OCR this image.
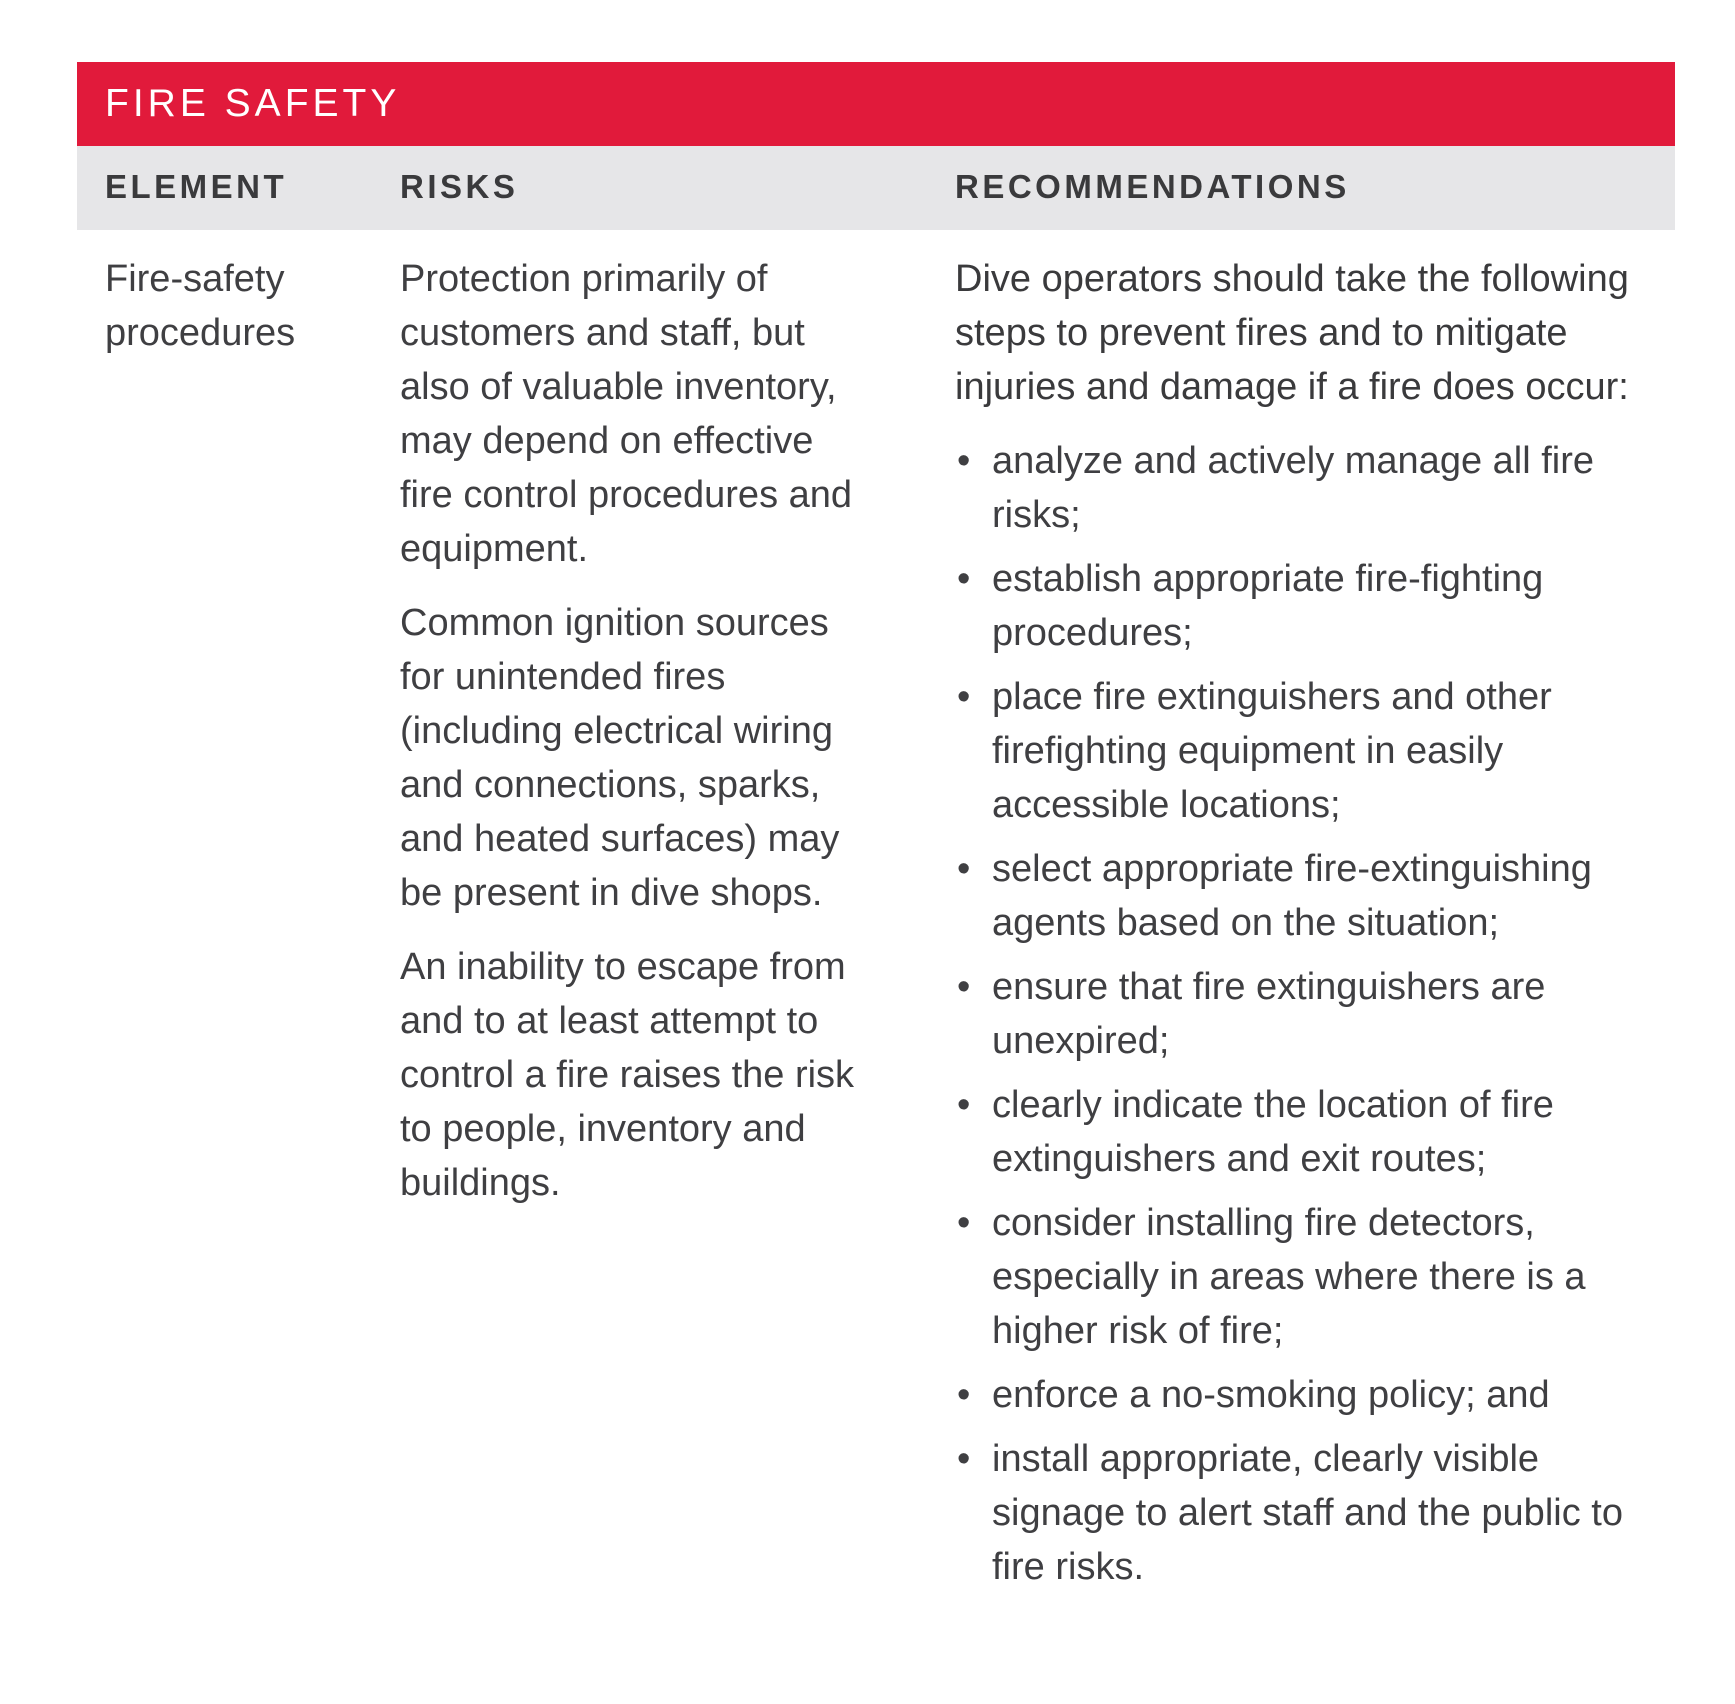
FIRE SAFETY
ELEMENT	RISKS	RECOMMENDATIONS
Fire-safety procedures

Protection primarily of customers and staff, but also of valuable inventory, may depend on effective fire control procedures and equipment.

Common ignition sources for unintended fires (including electrical wiring and connections, sparks, and heated surfaces) may be present in dive shops.

An inability to escape from and to at least attempt to control a fire raises the risk to people, inventory and buildings.

Dive operators should take the following steps to prevent fires and to mitigate injuries and damage if a fire does occur:

• analyze and actively manage all fire risks;
• establish appropriate fire-fighting procedures;
• place fire extinguishers and other firefighting equipment in easily accessible locations;
• select appropriate fire-extinguishing agents based on the situation;
• ensure that fire extinguishers are unexpired;
• clearly indicate the location of fire extinguishers and exit routes;
• consider installing fire detectors, especially in areas where there is a higher risk of fire;
• enforce a no-smoking policy; and
• install appropriate, clearly visible signage to alert staff and the public to fire risks.
